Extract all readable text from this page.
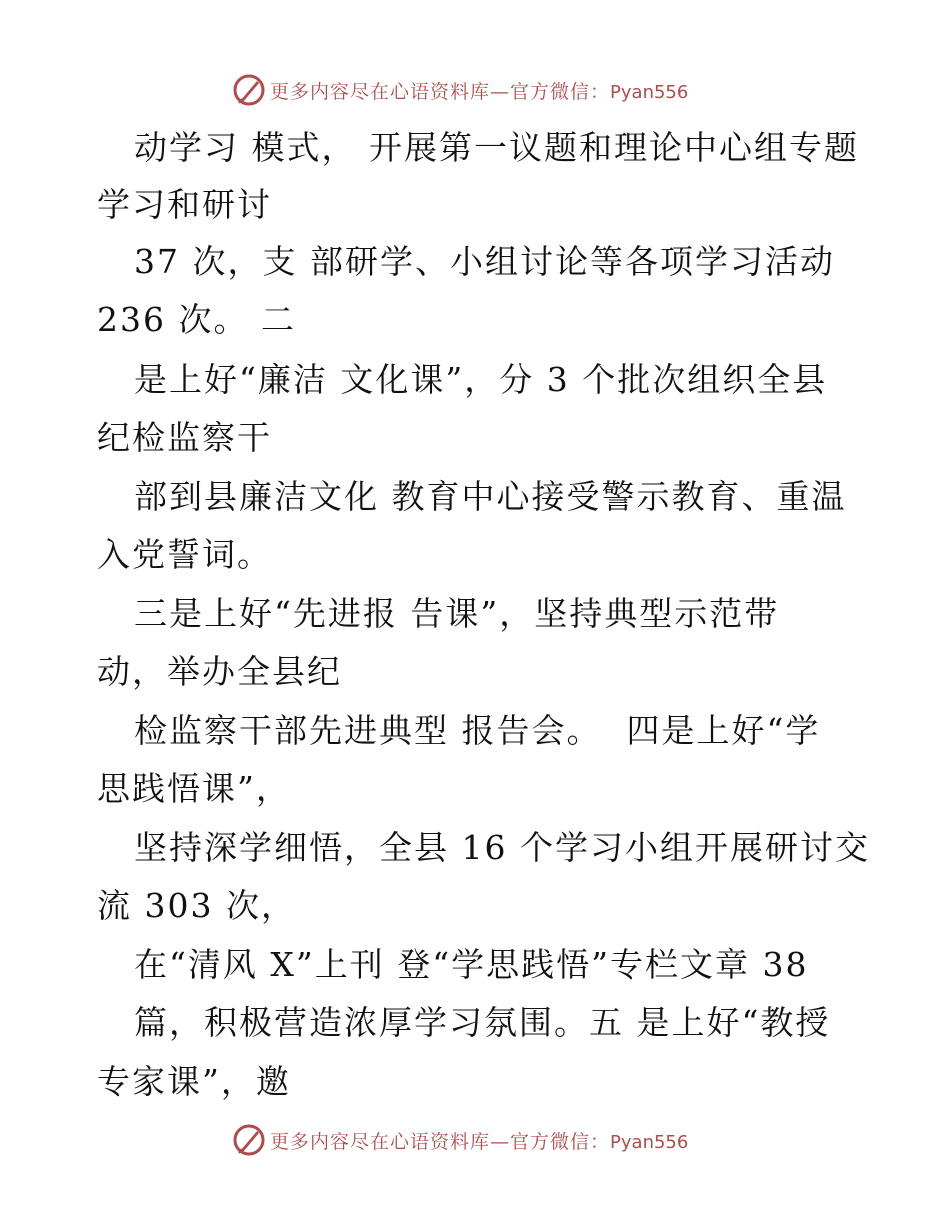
更多内容尽在心语资料库—官方微信：Pyan556
动学习 模式， 开展第一议题和理论中心组专题
学习和研讨
37 次，支 部研学、小组讨论等各项学习活动
236 次。 二
是上好“廉洁 文化课”，分 3 个批次组织全县
纪检监察干
部到县廉洁文化 教育中心接受警示教育、重温
入党誓词。
三是上好“先进报 告课”，坚持典型示范带
动，举办全县纪
检监察干部先进典型 报告会。  四是上好“学
思践悟课”，
坚持深学细悟，全县 16 个学习小组开展研讨交
流 303 次，
在“清风 X”上刊 登“学思践悟”专栏文章 38
篇，积极营造浓厚学习氛围。五 是上好“教授
专家课”，邀
更多内容尽在心语资料库—官方微信：Pyan556
